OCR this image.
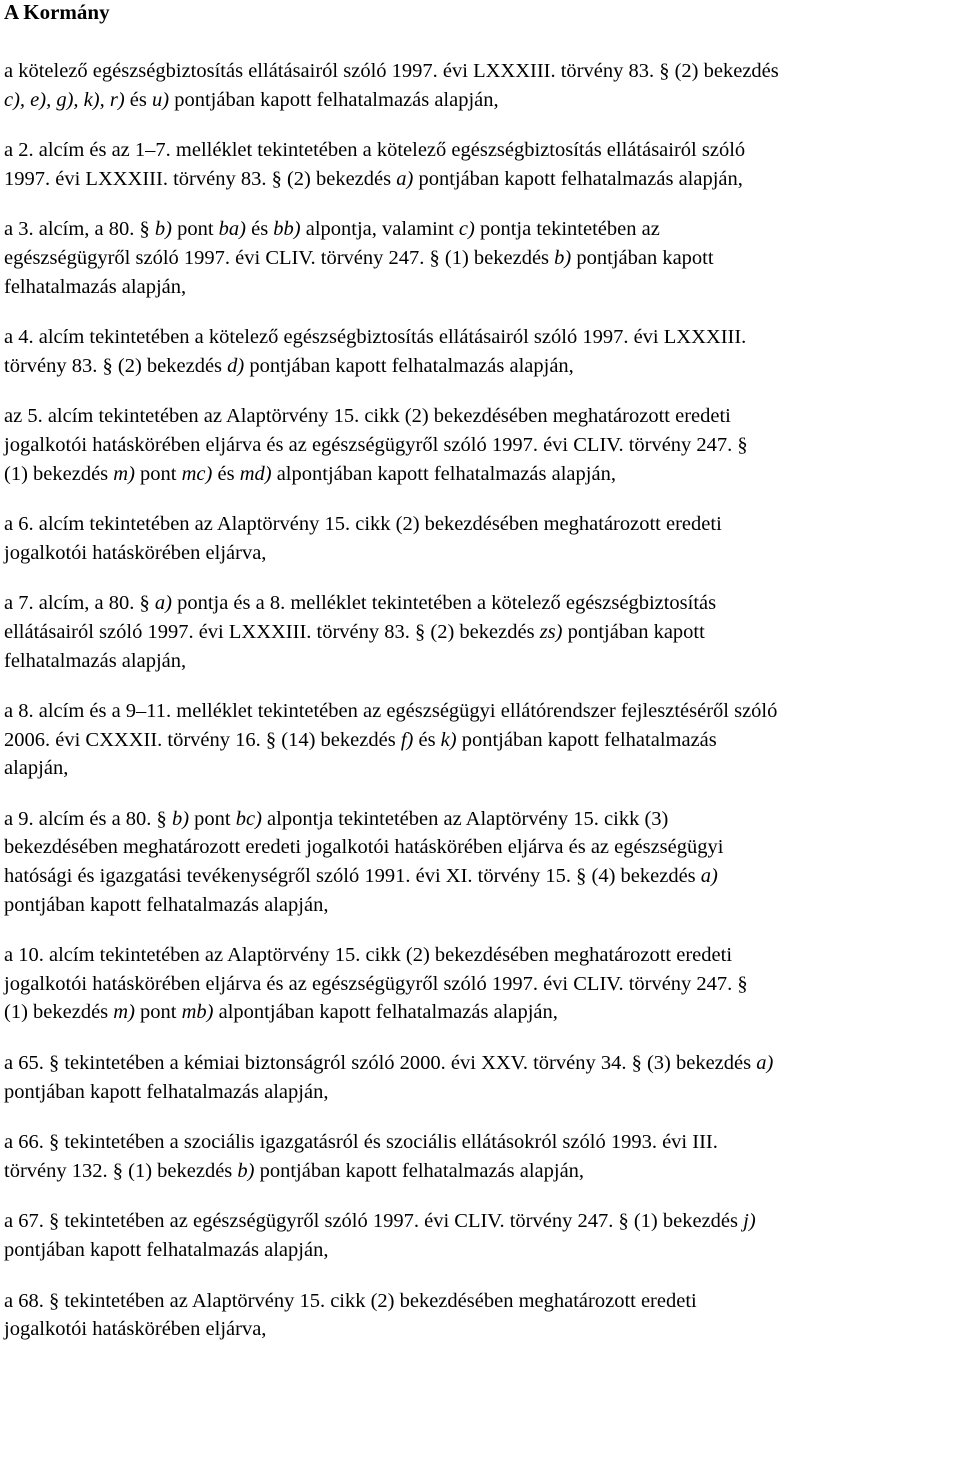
A Kormány

a kötelező egészségbiztosítás ellátásairól szóló 1997. évi LXXXIII. törvény 83. § (2) bekezdés
c), e), g), k), r) és u) pontjában kapott felhatalmazás alapján,

a 2. alcím és az 1–7. melléklet tekintetében a kötelező egészségbiztosítás ellátásairól szóló
1997. évi LXXXIII. törvény 83. § (2) bekezdés a) pontjában kapott felhatalmazás alapján,

a 3. alcím, a 80. § b) pont ba) és bb) alpontja, valamint c) pontja tekintetében az
egészségügyről szóló 1997. évi CLIV. törvény 247. § (1) bekezdés b) pontjában kapott
felhatalmazás alapján,

a 4. alcím tekintetében a kötelező egészségbiztosítás ellátásairól szóló 1997. évi LXXXIII.
törvény 83. § (2) bekezdés d) pontjában kapott felhatalmazás alapján,

az 5. alcím tekintetében az Alaptörvény 15. cikk (2) bekezdésében meghatározott eredeti
jogalkotói hatáskörében eljárva és az egészségügyről szóló 1997. évi CLIV. törvény 247. §
(1) bekezdés m) pont mc) és md) alpontjában kapott felhatalmazás alapján,

a 6. alcím tekintetében az Alaptörvény 15. cikk (2) bekezdésében meghatározott eredeti
jogalkotói hatáskörében eljárva,

a 7. alcím, a 80. § a) pontja és a 8. melléklet tekintetében a kötelező egészségbiztosítás
ellátásairól szóló 1997. évi LXXXIII. törvény 83. § (2) bekezdés zs) pontjában kapott
felhatalmazás alapján,

a 8. alcím és a 9–11. melléklet tekintetében az egészségügyi ellátórendszer fejlesztéséről szóló
2006. évi CXXXII. törvény 16. § (14) bekezdés f) és k) pontjában kapott felhatalmazás
alapján,

a 9. alcím és a 80. § b) pont bc) alpontja tekintetében az Alaptörvény 15. cikk (3)
bekezdésében meghatározott eredeti jogalkotói hatáskörében eljárva és az egészségügyi
hatósági és igazgatási tevékenységről szóló 1991. évi XI. törvény 15. § (4) bekezdés a)
pontjában kapott felhatalmazás alapján,

a 10. alcím tekintetében az Alaptörvény 15. cikk (2) bekezdésében meghatározott eredeti
jogalkotói hatáskörében eljárva és az egészségügyről szóló 1997. évi CLIV. törvény 247. §
(1) bekezdés m) pont mb) alpontjában kapott felhatalmazás alapján,

a 65. § tekintetében a kémiai biztonságról szóló 2000. évi XXV. törvény 34. § (3) bekezdés a)
pontjában kapott felhatalmazás alapján,

a 66. § tekintetében a szociális igazgatásról és szociális ellátásokról szóló 1993. évi III.
törvény 132. § (1) bekezdés b) pontjában kapott felhatalmazás alapján,

a 67. § tekintetében az egészségügyről szóló 1997. évi CLIV. törvény 247. § (1) bekezdés j)
pontjában kapott felhatalmazás alapján,

a 68. § tekintetében az Alaptörvény 15. cikk (2) bekezdésében meghatározott eredeti
jogalkotói hatáskörében eljárva,
